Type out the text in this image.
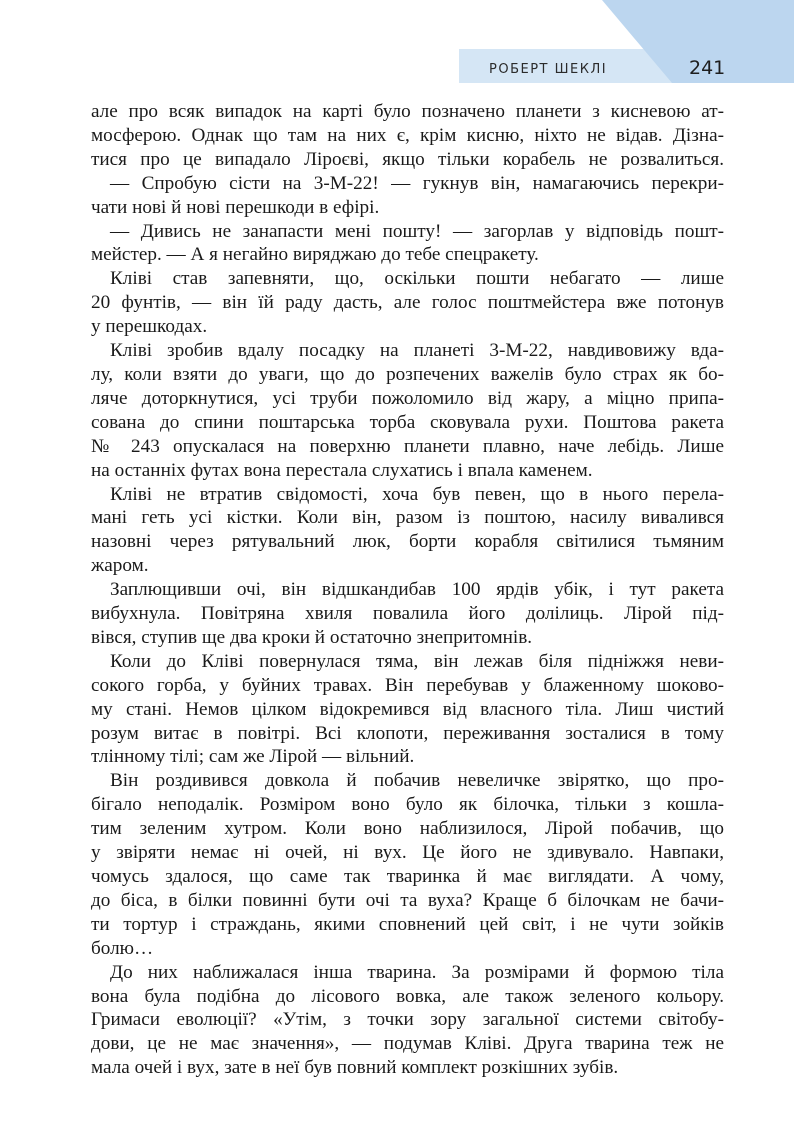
РОБЕРТ ШЕКЛІ	241

але про всяк випадок на карті було позначено планети з кисневою ат-
мосферою. Однак що там на них є, крім кисню, ніхто не відав. Дізна-
тися про це випадало Ліроєві, якщо тільки корабель не розвалиться.

— Спробую сісти на 3-М-22! — гукнув він, намагаючись перекри-
чати нові й нові перешкоди в ефірі.

— Дивись не занапасти мені пошту! — загорлав у відповідь пошт-
мейстер. — А я негайно виряджаю до тебе спецракету.

Кліві став запевняти, що, оскільки пошти небагато — лише
20 фунтів, — він їй раду дасть, але голос поштмейстера вже потонув
у перешкодах.

Кліві зробив вдалу посадку на планеті 3-М-22, навдивовижу вда-
лу, коли взяти до уваги, що до розпечених важелів було страх як бо-
ляче доторкнутися, усі труби пожоломило від жару, а міцно припа-
сована до спини поштарська торба сковувала рухи. Поштова ракета
№ 243 опускалася на поверхню планети плавно, наче лебідь. Лише
на останніх футах вона перестала слухатись і впала каменем.

Кліві не втратив свідомості, хоча був певен, що в нього перела-
мані геть усі кістки. Коли він, разом із поштою, насилу вивалився
назовні через рятувальний люк, борти корабля світилися тьмяним
жаром.

Заплющивши очі, він відшкандибав 100 ярдів убік, і тут ракета
вибухнула. Повітряна хвиля повалила його долілиць. Лірой під-
вівся, ступив ще два кроки й остаточно знепритомнів.

Коли до Кліві повернулася тяма, він лежав біля підніжжя неви-
сокого горба, у буйних травах. Він перебував у блаженному шоково-
му стані. Немов цілком відокремився від власного тіла. Лиш чистий
розум витає в повітрі. Всі клопоти, переживання зосталися в тому
тлінному тілі; сам же Лірой — вільний.

Він роздивився довкола й побачив невеличке звірятко, що про-
бігало неподалік. Розміром воно було як білочка, тільки з кошла-
тим зеленим хутром. Коли воно наблизилося, Лірой побачив, що
у звіряти немає ні очей, ні вух. Це його не здивувало. Навпаки,
чомусь здалося, що саме так тваринка й має виглядати. А чому,
до біса, в білки повинні бути очі та вуха? Краще б білочкам не бачи-
ти тортур і страждань, якими сповнений цей світ, і не чути зойків
болю…

До них наближалася інша тварина. За розмірами й формою тіла
вона була подібна до лісового вовка, але також зеленого кольору.
Гримаси еволюції? «Утім, з точки зору загальної системи світобу-
дови, це не має значення», — подумав Кліві. Друга тварина теж не
мала очей і вух, зате в неї був повний комплект розкішних зубів.
